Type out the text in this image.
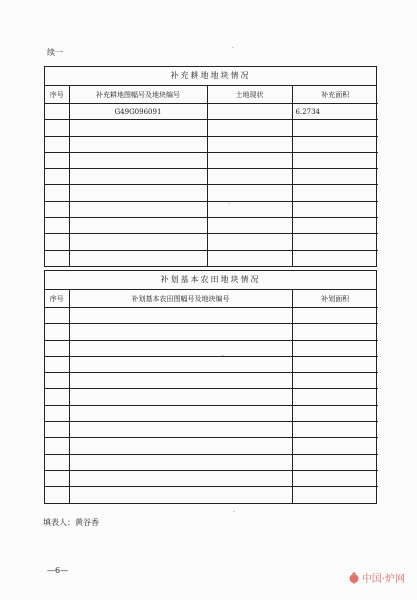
续一	·
补充耕地地块情况
序号	补充耕地图幅号及地块编号	土地现状	补充面积
	G49G096091		6.2734

·
补划基本农田地块情况
序号	补划基本农田图幅号及地块编号	补划面积

·
·
填表人：黄谷香
—6—
中国·炉网
